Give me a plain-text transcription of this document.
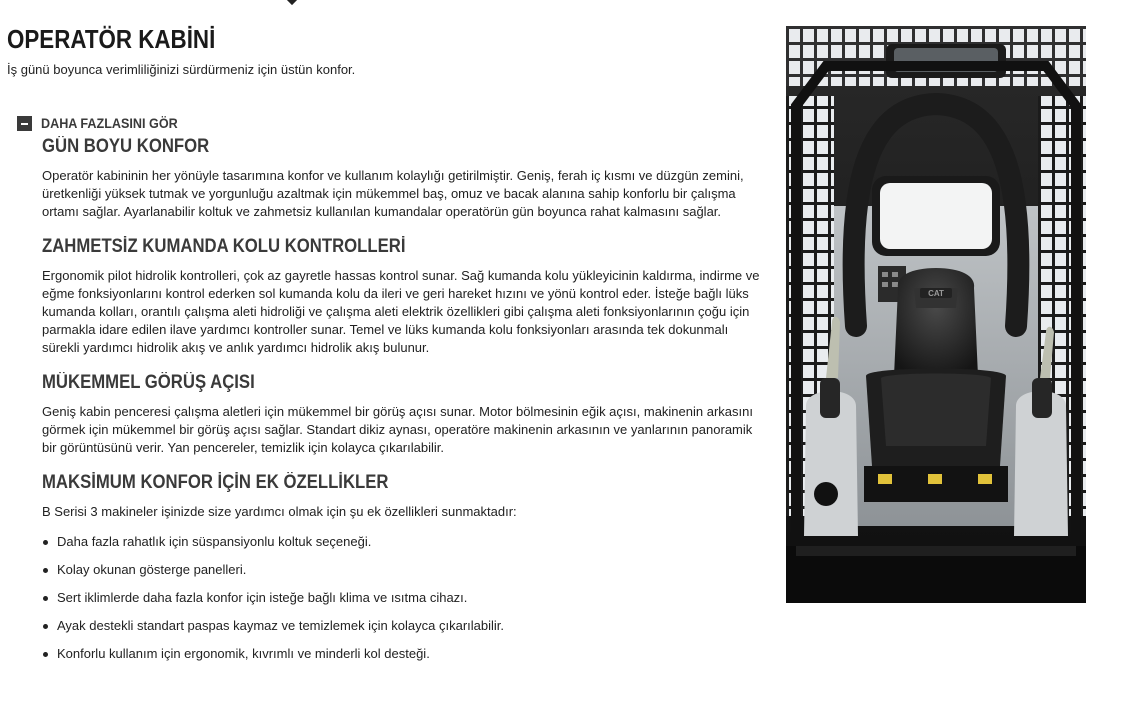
OPERATÖR KABİNİ

İş günü boyunca verimliliğinizi sürdürmeniz için üstün konfor.

DAHA FAZLASINI GÖR
GÜN BOYU KONFOR

Operatör kabininin her yönüyle tasarımına konfor ve kullanım kolaylığı getirilmiştir. Geniş, ferah iç kısmı ve düzgün zemini, üretkenliği yüksek tutmak ve yorgunluğu azaltmak için mükemmel baş, omuz ve bacak alanına sahip konforlu bir çalışma ortamı sağlar. Ayarlanabilir koltuk ve zahmetsiz kullanılan kumandalar operatörün gün boyunca rahat kalmasını sağlar.

ZAHMETSİZ KUMANDA KOLU KONTROLLERİ

Ergonomik pilot hidrolik kontrolleri, çok az gayretle hassas kontrol sunar. Sağ kumanda kolu yükleyicinin kaldırma, indirme ve eğme fonksiyonlarını kontrol ederken sol kumanda kolu da ileri ve geri hareket hızını ve yönü kontrol eder. İsteğe bağlı lüks kumanda kolları, orantılı çalışma aleti hidroliği ve çalışma aleti elektrik özellikleri gibi çalışma aleti fonksiyonlarının çoğu için parmakla idare edilen ilave yardımcı kontroller sunar. Temel ve lüks kumanda kolu fonksiyonları arasında tek dokunmalı sürekli yardımcı hidrolik akış ve anlık yardımcı hidrolik akış bulunur.

MÜKEMMEL GÖRÜŞ AÇISI

Geniş kabin penceresi çalışma aletleri için mükemmel bir görüş açısı sunar. Motor bölmesinin eğik açısı, makinenin arkasını görmek için mükemmel bir görüş açısı sağlar. Standart dikiz aynası, operatöre makinenin arkasının ve yanlarının panoramik bir görüntüsünü verir. Yan pencereler, temizlik için kolayca çıkarılabilir.

MAKSİMUM KONFOR İÇİN EK ÖZELLİKLER

B Serisi 3 makineler işinizde size yardımcı olmak için şu ek özellikleri sunmaktadır:

Daha fazla rahatlık için süspansiyonlu koltuk seçeneği.
Kolay okunan gösterge panelleri.
Sert iklimlerde daha fazla konfor için isteğe bağlı klima ve ısıtma cihazı.
Ayak destekli standart paspas kaymaz ve temizlemek için kolayca çıkarılabilir.
Konforlu kullanım için ergonomik, kıvrımlı ve minderli kol desteği.
CAT
